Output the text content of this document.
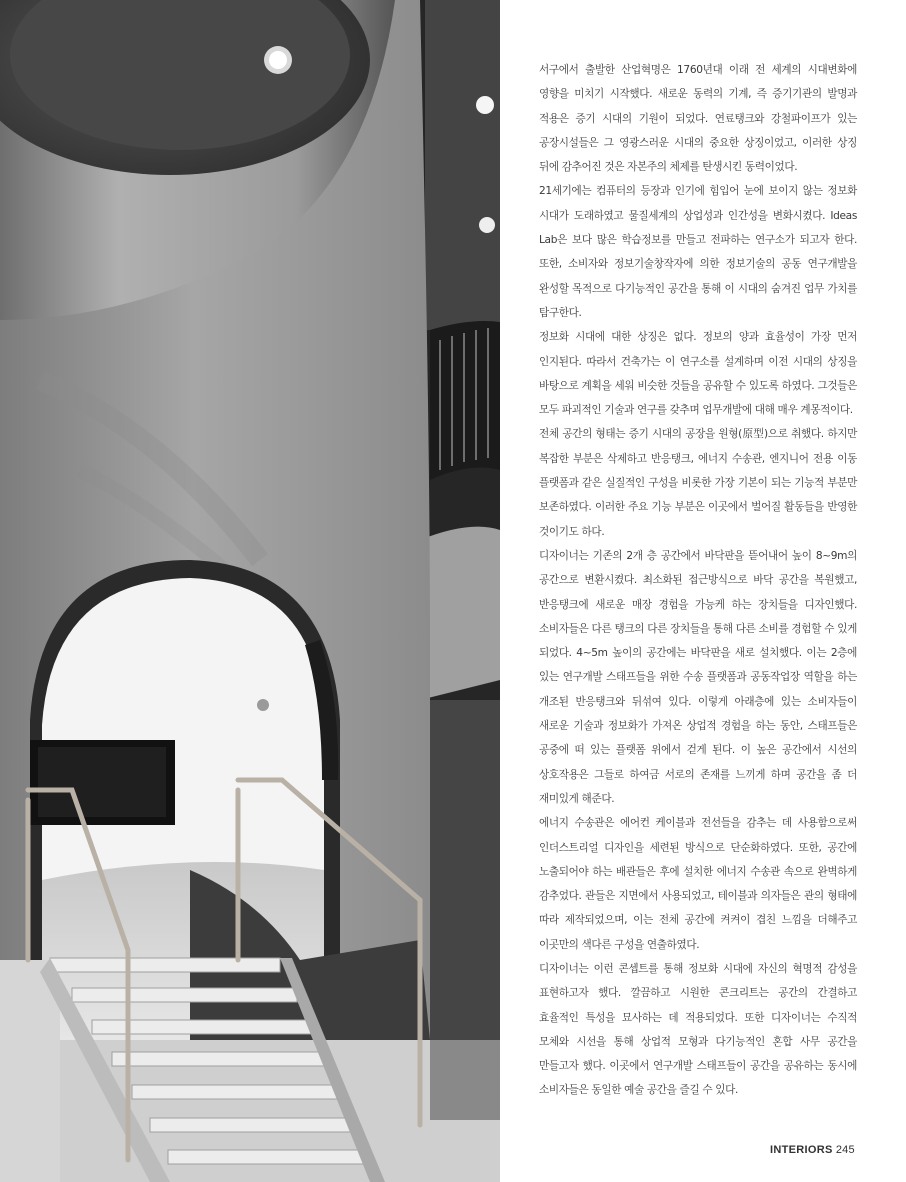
서구에서 출발한 산업혁명은 1760년대 이래 전 세계의 시대변화에 영향을 미치기 시작했다. 새로운 동력의 기계, 즉 증기기관의 발명과 적용은 증기 시대의 기원이 되었다. 연료탱크와 강철파이프가 있는 공장시설들은 그 영광스러운 시대의 중요한 상징이었고, 이러한 상징 뒤에 감추어진 것은 자본주의 체제를 탄생시킨 동력이었다.

21세기에는 컴퓨터의 등장과 인기에 힘입어 눈에 보이지 않는 정보화 시대가 도래하였고 물질세계의 상업성과 인간성을 변화시켰다. Ideas Lab은 보다 많은 학습정보를 만들고 전파하는 연구소가 되고자 한다. 또한, 소비자와 정보기술창작자에 의한 정보기술의 공동 연구개발을 완성할 목적으로 다기능적인 공간을 통해 이 시대의 숨겨진 업무 가치를 탐구한다.

정보화 시대에 대한 상징은 없다. 정보의 양과 효율성이 가장 먼저 인지된다. 따라서 건축가는 이 연구소를 설계하며 이전 시대의 상징을 바탕으로 계획을 세워 비슷한 것들을 공유할 수 있도록 하였다. 그것들은 모두 파괴적인 기술과 연구를 갖추며 업무개발에 대해 매우 계몽적이다.

전체 공간의 형태는 증기 시대의 공장을 원형(原型)으로 취했다. 하지만 복잡한 부분은 삭제하고 반응탱크, 에너지 수송관, 엔지니어 전용 이동 플랫폼과 같은 실질적인 구성을 비롯한 가장 기본이 되는 기능적 부분만 보존하였다. 이러한 주요 기능 부분은 이곳에서 벌어질 활동들을 반영한 것이기도 하다.

디자이너는 기존의 2개 층 공간에서 바닥판을 뜯어내어 높이 8~9m의 공간으로 변환시켰다. 최소화된 접근방식으로 바닥 공간을 복원했고, 반응탱크에 새로운 매장 경험을 가능케 하는 장치들을 디자인했다. 소비자들은 다른 탱크의 다른 장치들을 통해 다른 소비를 경험할 수 있게 되었다. 4~5m 높이의 공간에는 바닥판을 새로 설치했다. 이는 2층에 있는 연구개발 스태프들을 위한 수송 플랫폼과 공동작업장 역할을 하는 개조된 반응탱크와 뒤섞여 있다. 이렇게 아래층에 있는 소비자들이 새로운 기술과 정보화가 가져온 상업적 경험을 하는 동안, 스태프들은 공중에 떠 있는 플랫폼 위에서 걷게 된다. 이 높은 공간에서 시선의 상호작용은 그들로 하여금 서로의 존재를 느끼게 하며 공간을 좀 더 재미있게 해준다.

에너지 수송관은 에어컨 케이블과 전선들을 감추는 데 사용함으로써 인더스트리얼 디자인을 세련된 방식으로 단순화하였다. 또한, 공간에 노출되어야 하는 배관들은 후에 설치한 에너지 수송관 속으로 완벽하게 감추었다. 관들은 지면에서 사용되었고, 테이블과 의자들은 관의 형태에 따라 제작되었으며, 이는 전체 공간에 켜켜이 겹친 느낌을 더해주고 이곳만의 색다른 구성을 연출하였다.

디자이너는 이런 콘셉트를 통해 정보화 시대에 자신의 혁명적 감성을 표현하고자 했다. 깔끔하고 시원한 콘크리트는 공간의 간결하고 효율적인 특성을 묘사하는 데 적용되었다. 또한 디자이너는 수직적 모체와 시선을 통해 상업적 모형과 다기능적인 혼합 사무 공간을 만들고자 했다. 이곳에서 연구개발 스태프들이 공간을 공유하는 동시에 소비자들은 동일한 예술 공간을 즐길 수 있다.

INTERIORS 245
